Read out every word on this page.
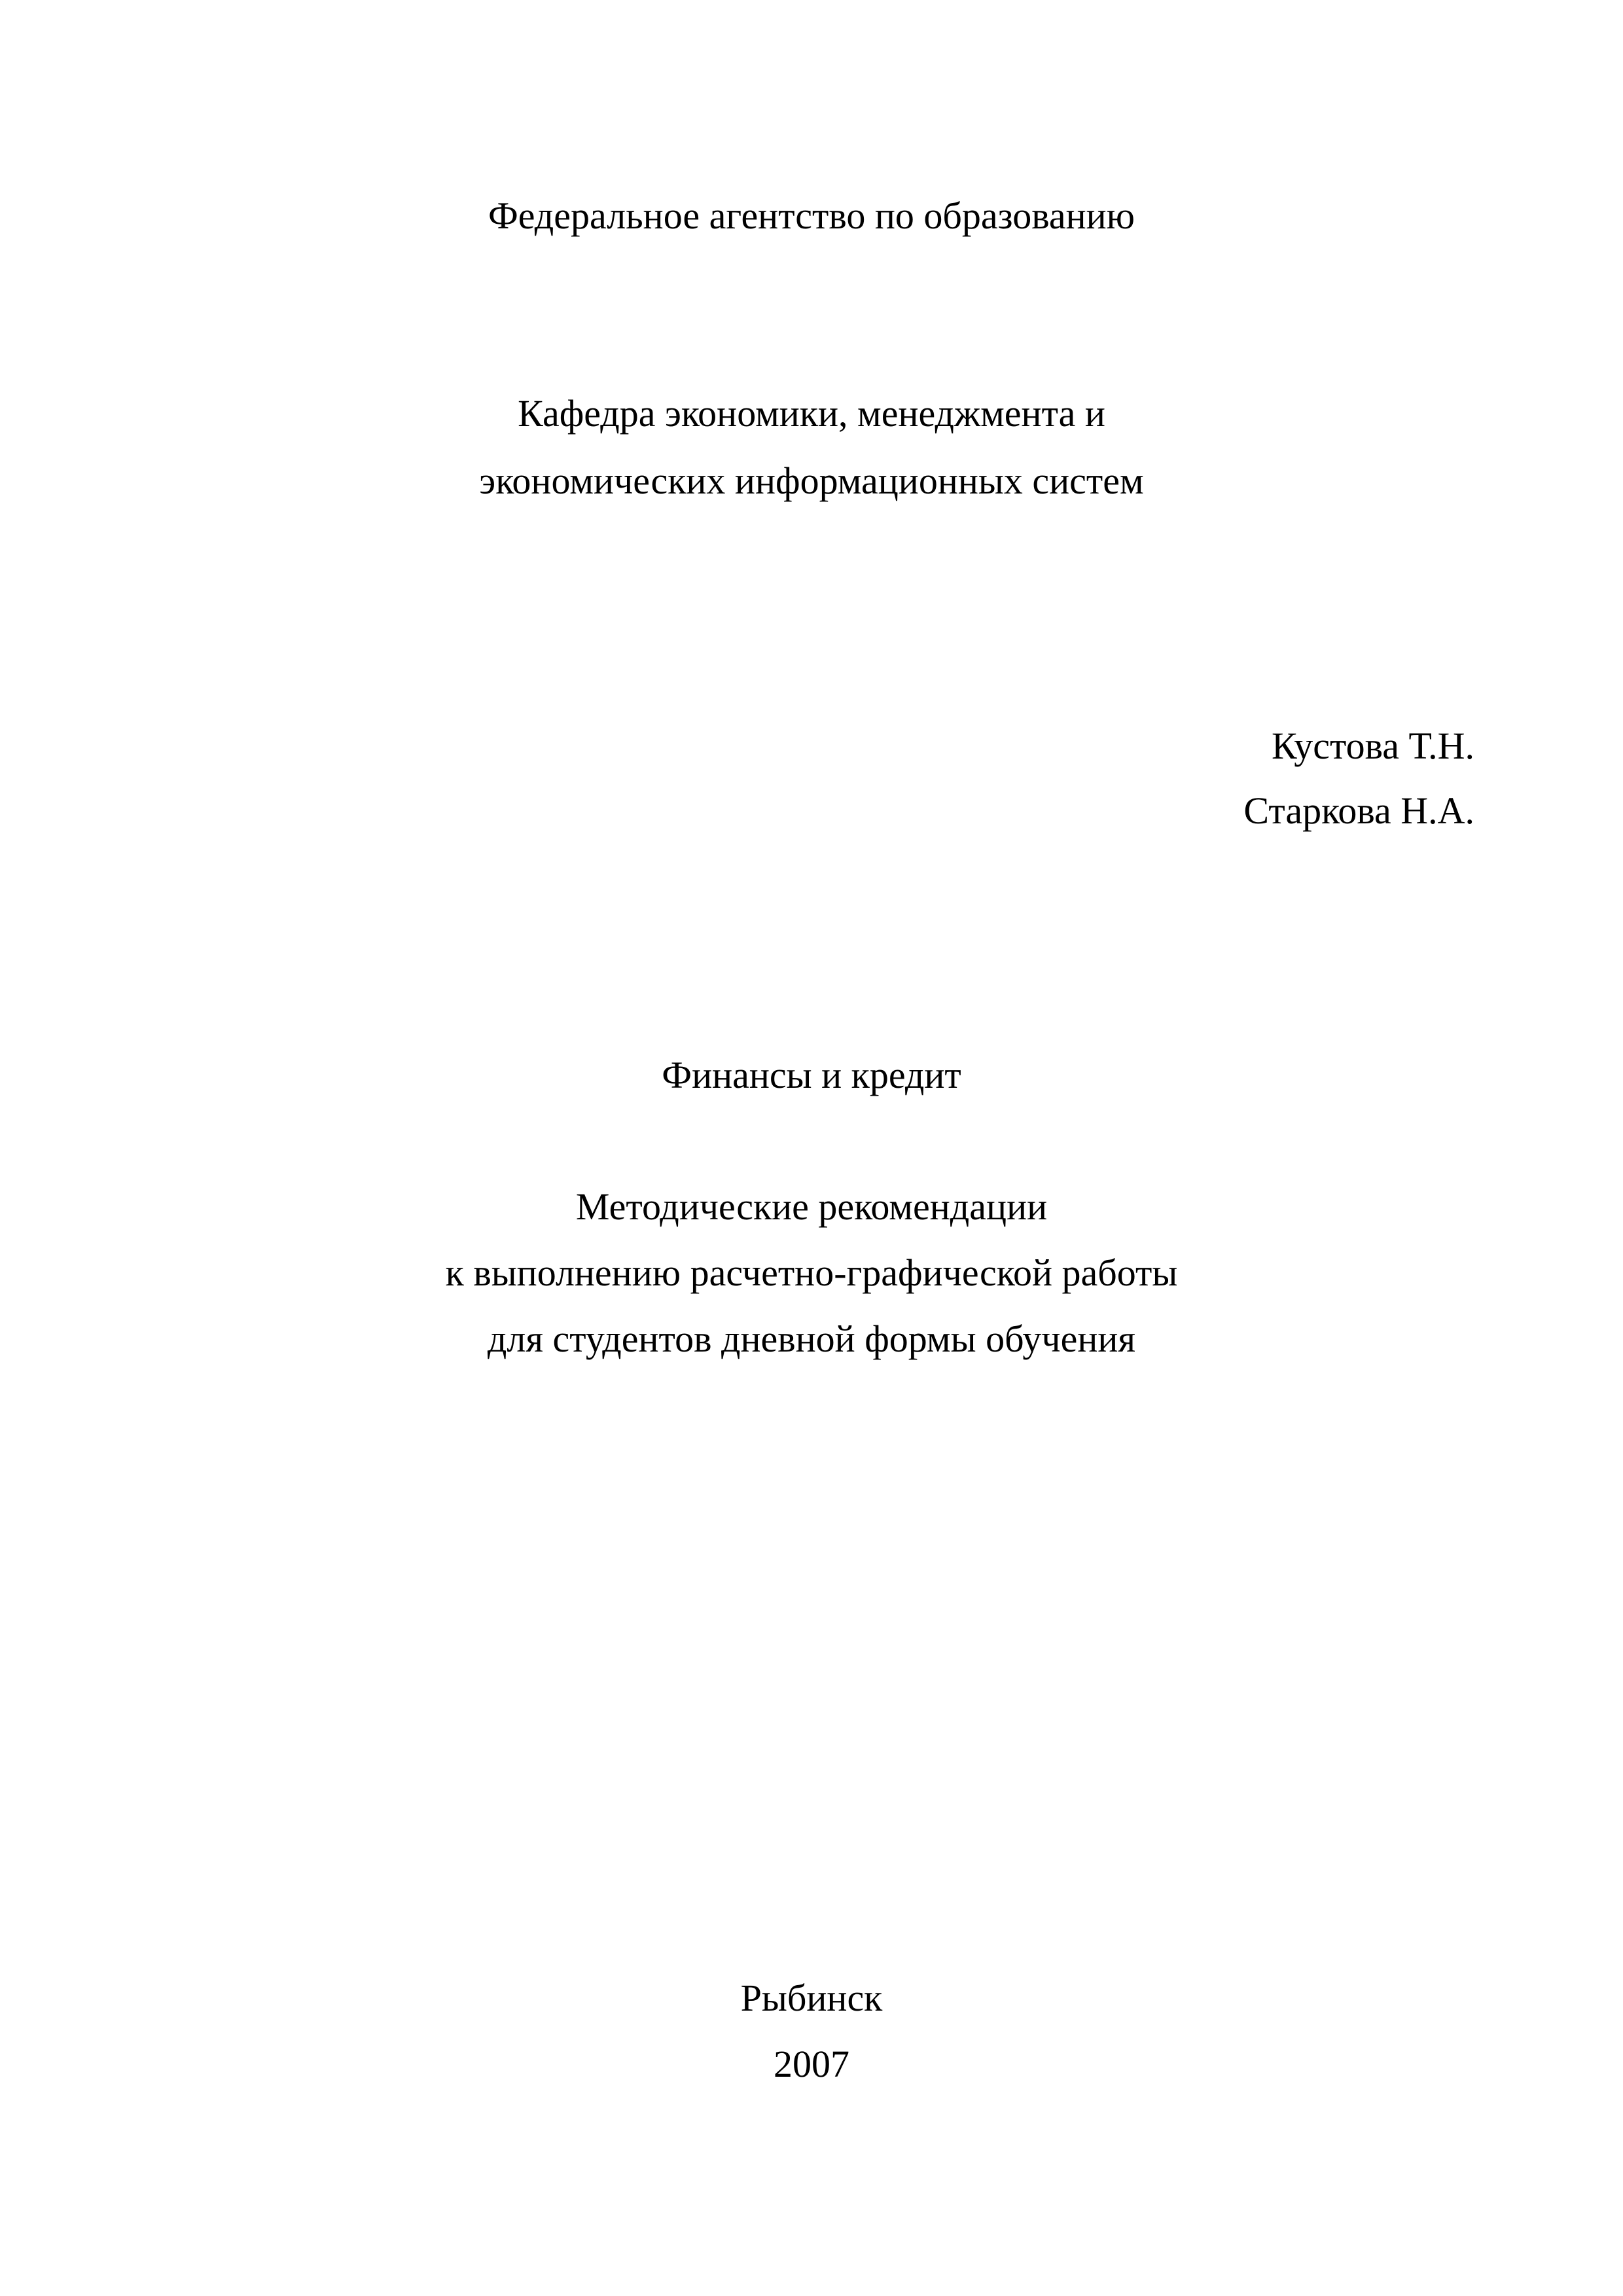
Федеральное агентство по образованию
Кафедра экономики, менеджмента и
экономических информационных систем
Кустова Т.Н.
Старкова Н.А.
Финансы и кредит
Методические рекомендации
к выполнению расчетно-графической работы
для студентов дневной формы обучения
Рыбинск
2007
